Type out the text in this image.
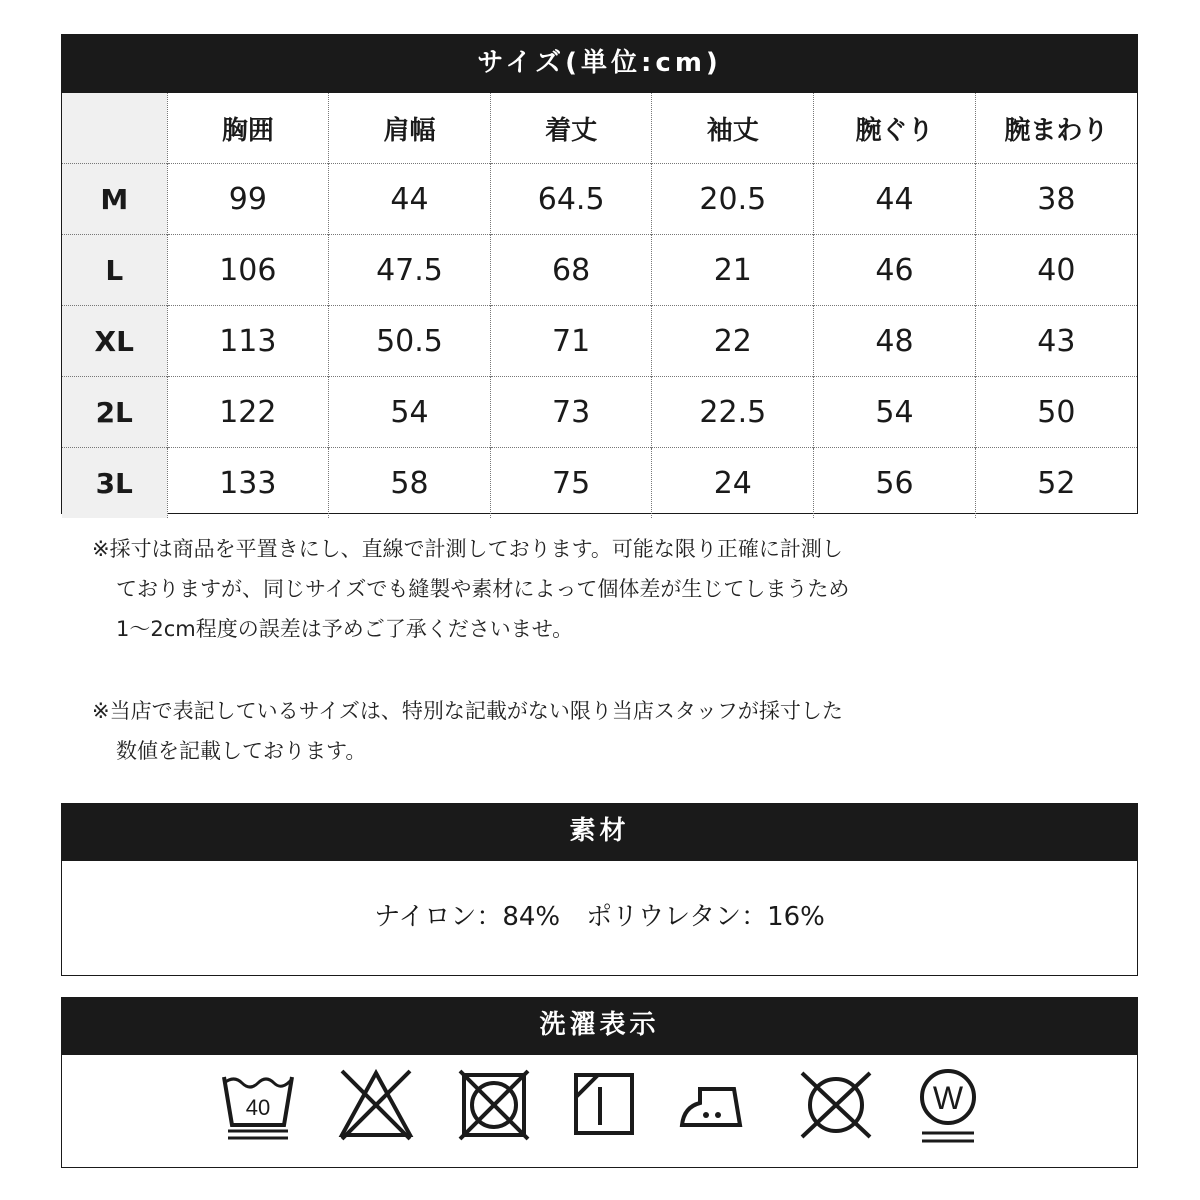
サイズ(単位:cm)
	胸囲	肩幅	着丈	袖丈	腕ぐり	腕まわり
M	99	44	64.5	20.5	44	38
L	106	47.5	68	21	46	40
XL	113	50.5	71	22	48	43
2L	122	54	73	22.5	54	50
3L	133	58	75	24	56	52
※採寸は商品を平置きにし、直線で計測しております。可能な限り正確に計測し
ておりますが、同じサイズでも縫製や素材によって個体差が生じてしまうため
1～2cm程度の誤差は予めご了承くださいませ。
※当店で表記しているサイズは、特別な記載がない限り当店スタッフが採寸した
数値を記載しております。
素材
ナイロン：84%　ポリウレタン：16%
洗濯表示
40	W
